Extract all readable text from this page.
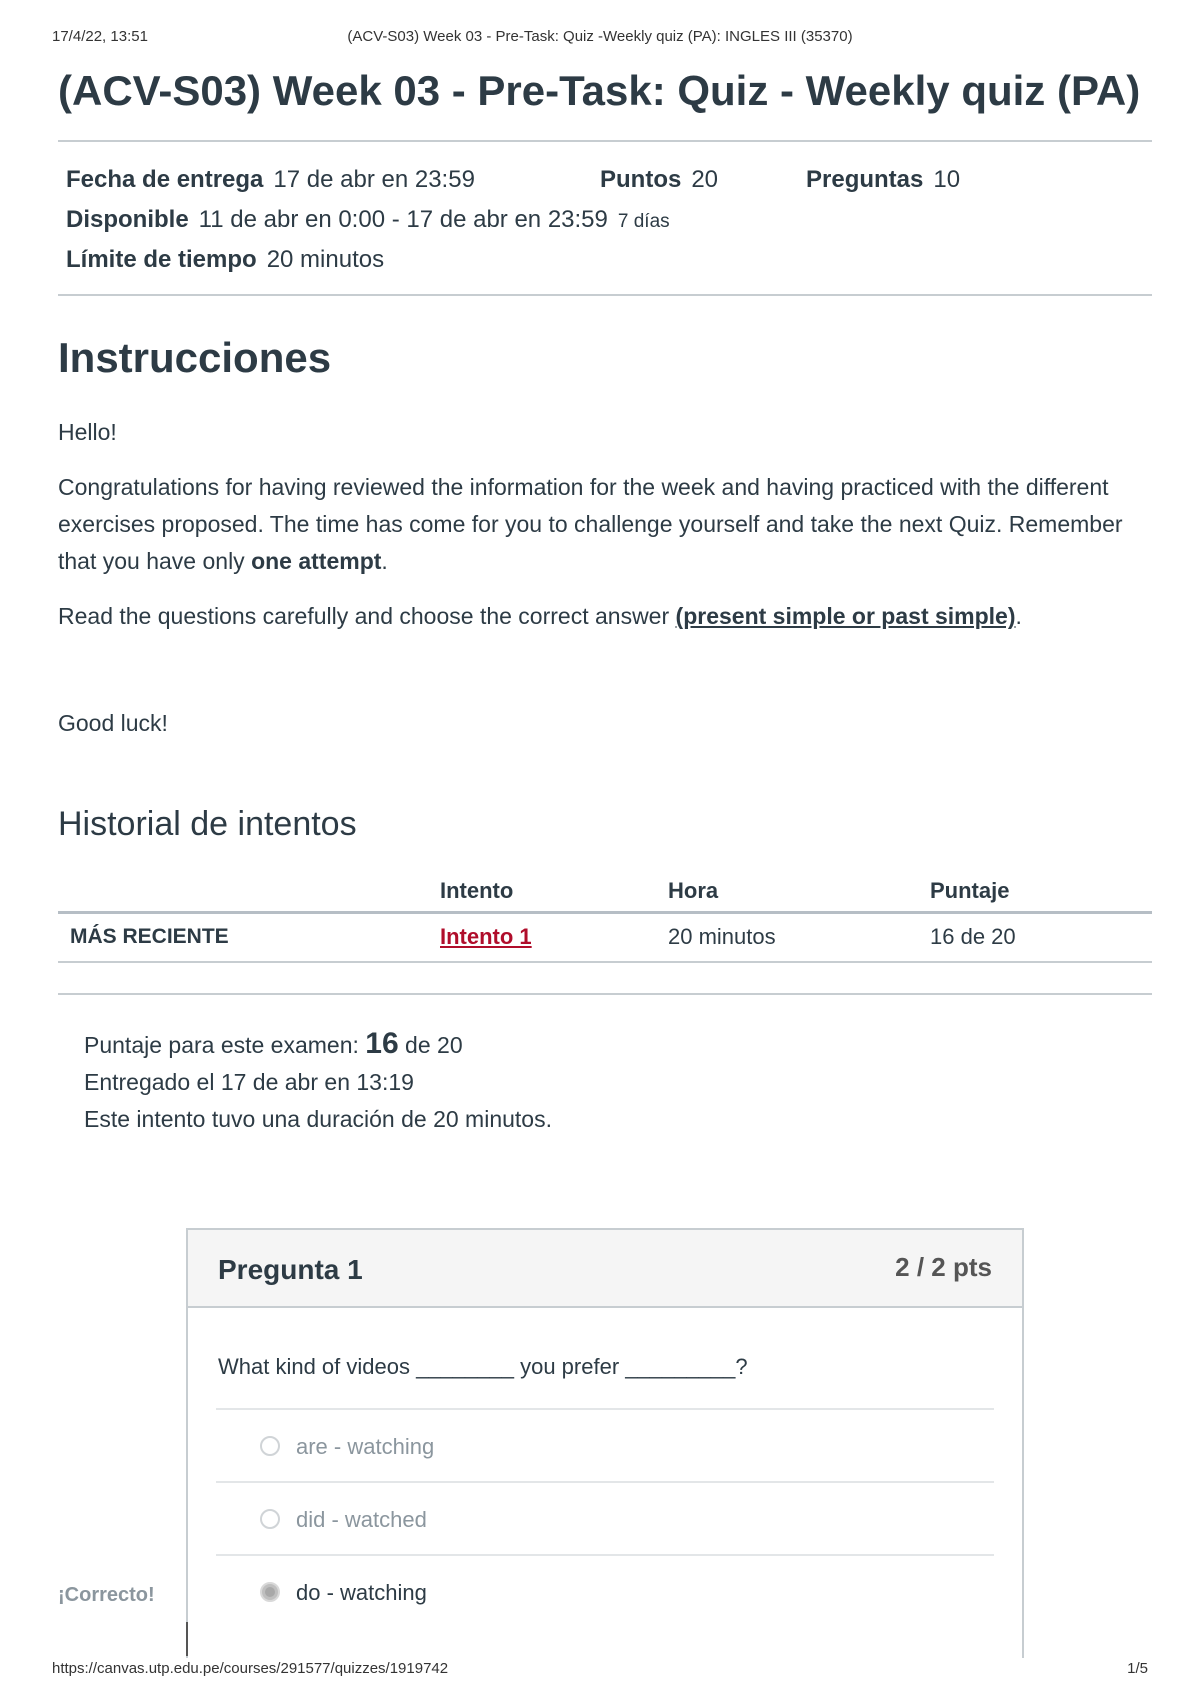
17/4/22, 13:51	(ACV-S03) Week 03 - Pre-Task: Quiz -Weekly quiz (PA): INGLES III (35370)
(ACV-S03) Week 03 - Pre-Task: Quiz - Weekly quiz (PA)
Fecha de entrega 17 de abr en 23:59	Puntos 20	Preguntas 10
Disponible 11 de abr en 0:00 - 17 de abr en 23:59 7 días
Límite de tiempo 20 minutos
Instrucciones

Hello!

Congratulations for having reviewed the information for the week and having practiced with the different exercises proposed. The time has come for you to challenge yourself and take the next Quiz. Remember that you have only one attempt.

Read the questions carefully and choose the correct answer (present simple or past simple).

Good luck!

Historial de intentos
	Intento	Hora	Puntaje
MÁS RECIENTE	Intento 1	20 minutos	16 de 20
Puntaje para este examen: 16 de 20
Entregado el 17 de abr en 13:19
Este intento tuvo una duración de 20 minutos.
Pregunta 1	2 / 2 pts
What kind of videos ________ you prefer _________?
are - watching
did - watched
do - watching
¡Correcto!
https://canvas.utp.edu.pe/courses/291577/quizzes/1919742	1/5
